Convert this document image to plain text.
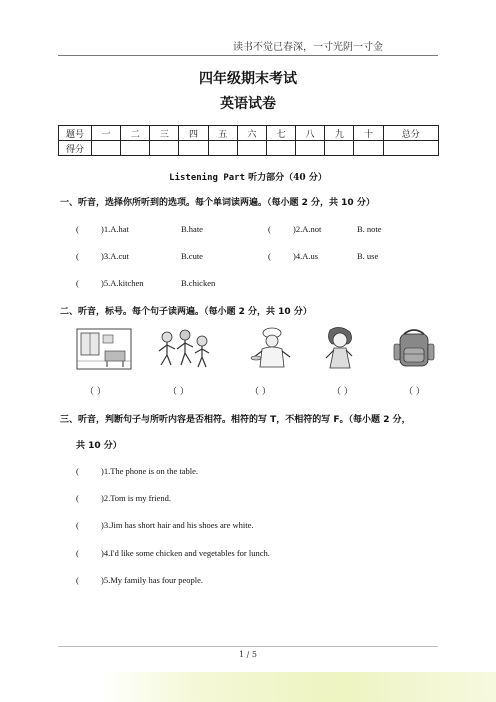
读书不觉已春深，一寸光阴一寸金
四年级期末考试
英语试卷
题号	一	二	三	四	五	六	七	八	九	十	总分
得分											
Listening Part 听力部分（40 分）
一、听音，选择你所听到的选项。每个单词读两遍。（每小题 2 分，共 10 分）
(	)1.A.hat	B.hate	(	)2.A.not	B. note
(	)3.A.cut	B.cute	(	)4.A.us	B. use
(	)5.A.kitchen	B.chicken
二、听音，标号。每个句子读两遍。（每小题 2 分，共 10 分）
（ ）	（ ）	（ ）	（ ）	（ ）
三、听音，判断句子与所听内容是否相符。相符的写 T，不相符的写 F。（每小题 2 分，
共 10 分）
(	)1.The phone is on the table.
(	)2.Tom is my friend.
(	)3.Jim has short hair and his shoes are white.
(	)4.I'd like some chicken and vegetables for lunch.
(	)5.My family has four people.
1 / 5
